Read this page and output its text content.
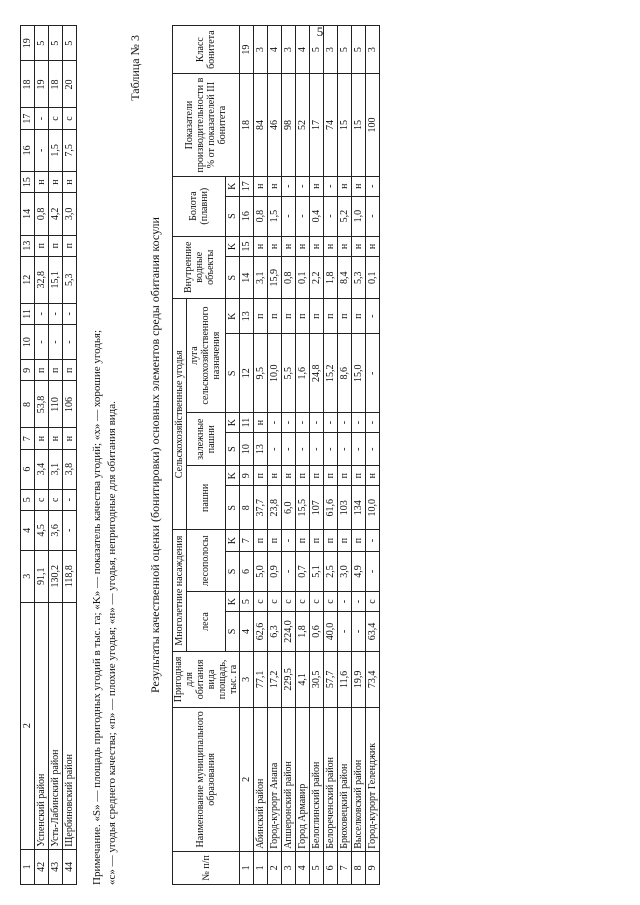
5
1	2	3	4	5	6	7	8	9	10	11	12	13	14	15	16	17	18	19
42	Успенский район	91,1	4,5	с	3,4	н	53,8	п	-	-	32,8	п	0,8	н	-	-	19	5
43	Усть-Лабинский район	130,2	3,6	с	3,1	н	110	п	-	-	15,1	п	4,2	н	1,5	с	18	5
44	Щербиновский район	118,8	-	-	3,8	н	106	п	-	-	5,3	п	3,0	н	7,5	с	20	5
Примечание. «S» — площадь пригодных угодий в тыс. га; «K» — показатель качества угодий; «х» — хорошие угодья; «с» — угодья среднего качества; «п» — плохие угодья; «н» — угодья, непригодные для обитания вида.
Таблица № 3
Результаты качественной оценки (бонитировки) основных элементов среды обитания косули
№ п/п	Наименование муниципального образования	Пригодная для обитания вида площадь, тыс. га	Многолетние насаждения				Сельскохозяйственные угодья						Внутренние водные объекты		Болота (плавни)		Показатели производительности в % от показателей III бонитета	Класс бонитета
			леса		лесополосы		пашни		залежные пашни		луга сельскохозяйственного назначения							
			S	K	S	K	S	K	S	K	S	K	S	K	S	K		
1	2	3	4	5	6	7	8	9	10	11	12	13	14	15	16	17	18	19
1	Абинский район	77,1	62,6	с	5,0	п	37,7	п	13	н	9,5	п	3,1	н	0,8	н	84	3
2	Город-курорт Анапа	17,2	6,3	с	0,9	п	23,8	н	-	-	10,0	п	15,9	н	1,5	н	46	4
3	Апшеронский район	229,5	224,0	с	-	-	6,0	н	-	-	5,5	п	0,8	н	-	-	98	3
4	Город Армавир	4,1	1,8	с	0,7	п	15,5	п	-	-	1,6	п	0,1	н	-	-	52	4
5	Белоглинский район	30,5	0,6	с	5,1	п	107	п	-	-	24,8	п	2,2	н	0,4	н	17	5
6	Белореченский район	57,7	40,0	с	2,5	п	61,6	п	-	-	15,2	п	1,8	н	-	-	74	3
7	Брюховецкий район	11,6	-	-	3,0	п	103	п	-	-	8,6	п	8,4	н	5,2	н	15	5
8	Выселковский район	19,9	-	-	4,9	п	134	п	-	-	15,0	п	5,3	н	1,0	н	15	5
9	Город-курорт Геленджик	73,4	63,4	с	-	-	10,0	н	-	-	-	-	0,1	н	-	-	100	3
